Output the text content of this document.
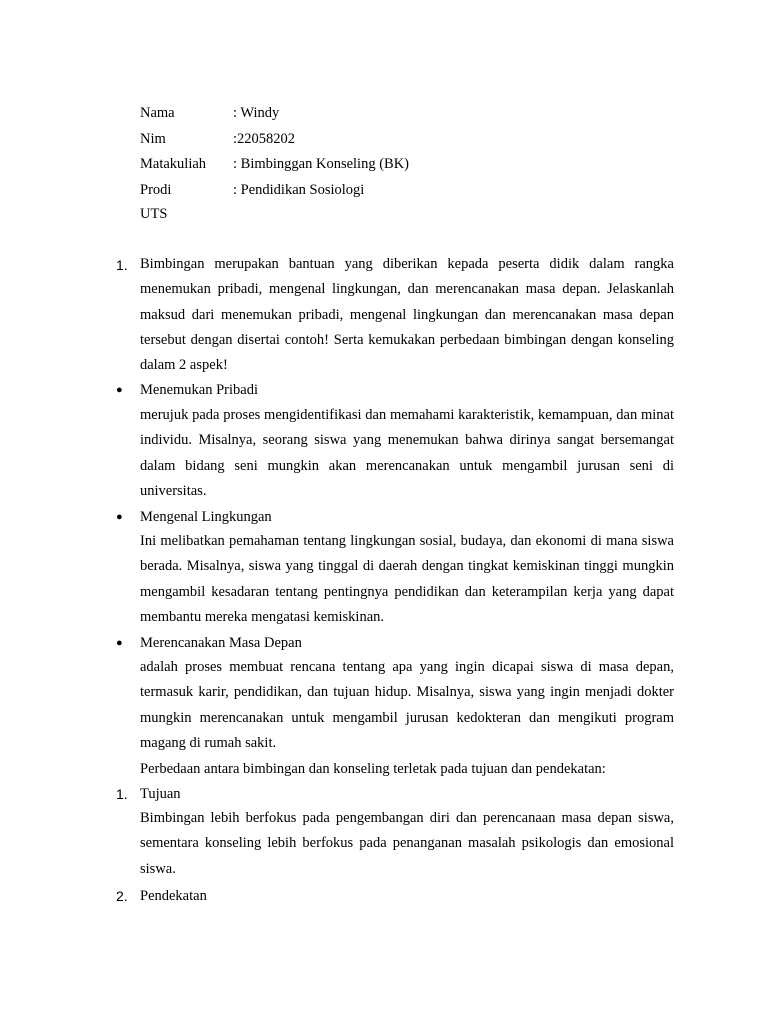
Nama	: Windy
Nim	:22058202
Matakuliah : Bimbinggan Konseling (BK)
Prodi	: Pendidikan Sosiologi
UTS
1. Bimbingan merupakan bantuan yang diberikan kepada peserta didik dalam rangka menemukan pribadi, mengenal lingkungan, dan merencanakan masa depan. Jelaskanlah maksud dari menemukan pribadi, mengenal lingkungan dan merencanakan masa depan tersebut dengan disertai contoh! Serta kemukakan perbedaan bimbingan dengan konseling dalam 2 aspek!
● Menemukan Pribadi
merujuk pada proses mengidentifikasi dan memahami karakteristik, kemampuan, dan minat individu. Misalnya, seorang siswa yang menemukan bahwa dirinya sangat bersemangat dalam bidang seni mungkin akan merencanakan untuk mengambil jurusan seni di universitas.
● Mengenal Lingkungan
Ini melibatkan pemahaman tentang lingkungan sosial, budaya, dan ekonomi di mana siswa berada. Misalnya, siswa yang tinggal di daerah dengan tingkat kemiskinan tinggi mungkin mengambil kesadaran tentang pentingnya pendidikan dan keterampilan kerja yang dapat membantu mereka mengatasi kemiskinan.
● Merencanakan Masa Depan
adalah proses membuat rencana tentang apa yang ingin dicapai siswa di masa depan, termasuk karir, pendidikan, dan tujuan hidup. Misalnya, siswa yang ingin menjadi dokter mungkin merencanakan untuk mengambil jurusan kedokteran dan mengikuti program magang di rumah sakit.
Perbedaan antara bimbingan dan konseling terletak pada tujuan dan pendekatan:
1. Tujuan
Bimbingan lebih berfokus pada pengembangan diri dan perencanaan masa depan siswa, sementara konseling lebih berfokus pada penanganan masalah psikologis dan emosional siswa.
2. Pendekatan
